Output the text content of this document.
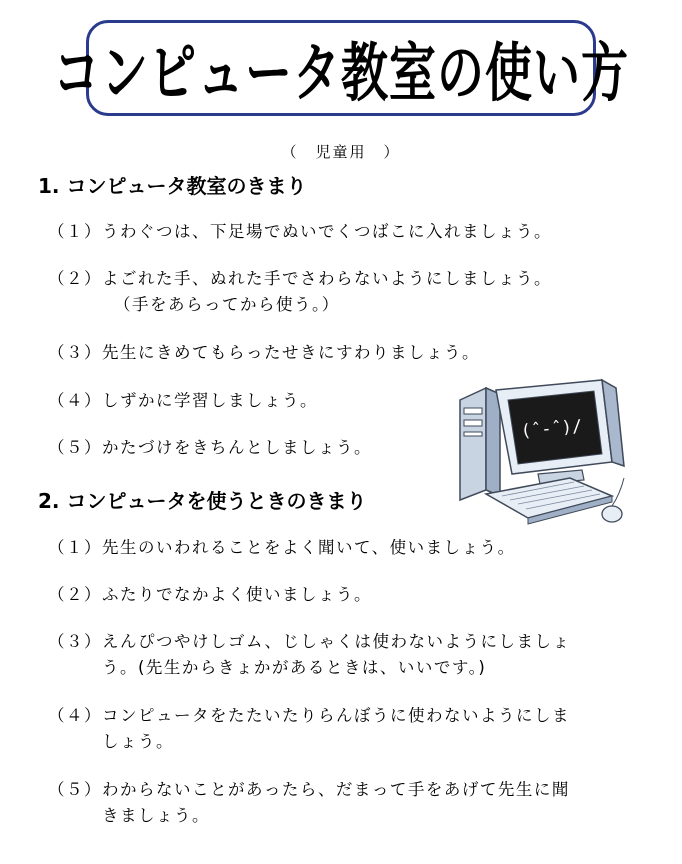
コンピュータ教室の使い方
（　児童用　）
1. コンピュータ教室のきまり
（１）うわぐつは、下足場でぬいでくつばこに入れましょう。
（２）よごれた手、ぬれた手でさわらないようにしましょう。
（手をあらってから使う。）
（３）先生にきめてもらったせきにすわりましょう。
（４）しずかに学習しましょう。
（５）かたづけをきちんとしましょう。
(ˆ-ˆ)/
2. コンピュータを使うときのきまり
（１）先生のいわれることをよく聞いて、使いましょう。
（２）ふたりでなかよく使いましょう。
（３）えんぴつやけしゴム、じしゃくは使わないようにしましょ
う。(先生からきょかがあるときは、いいです。)
（４）コンピュータをたたいたりらんぼうに使わないようにしま
しょう。
（５）わからないことがあったら、だまって手をあげて先生に聞
きましょう。
